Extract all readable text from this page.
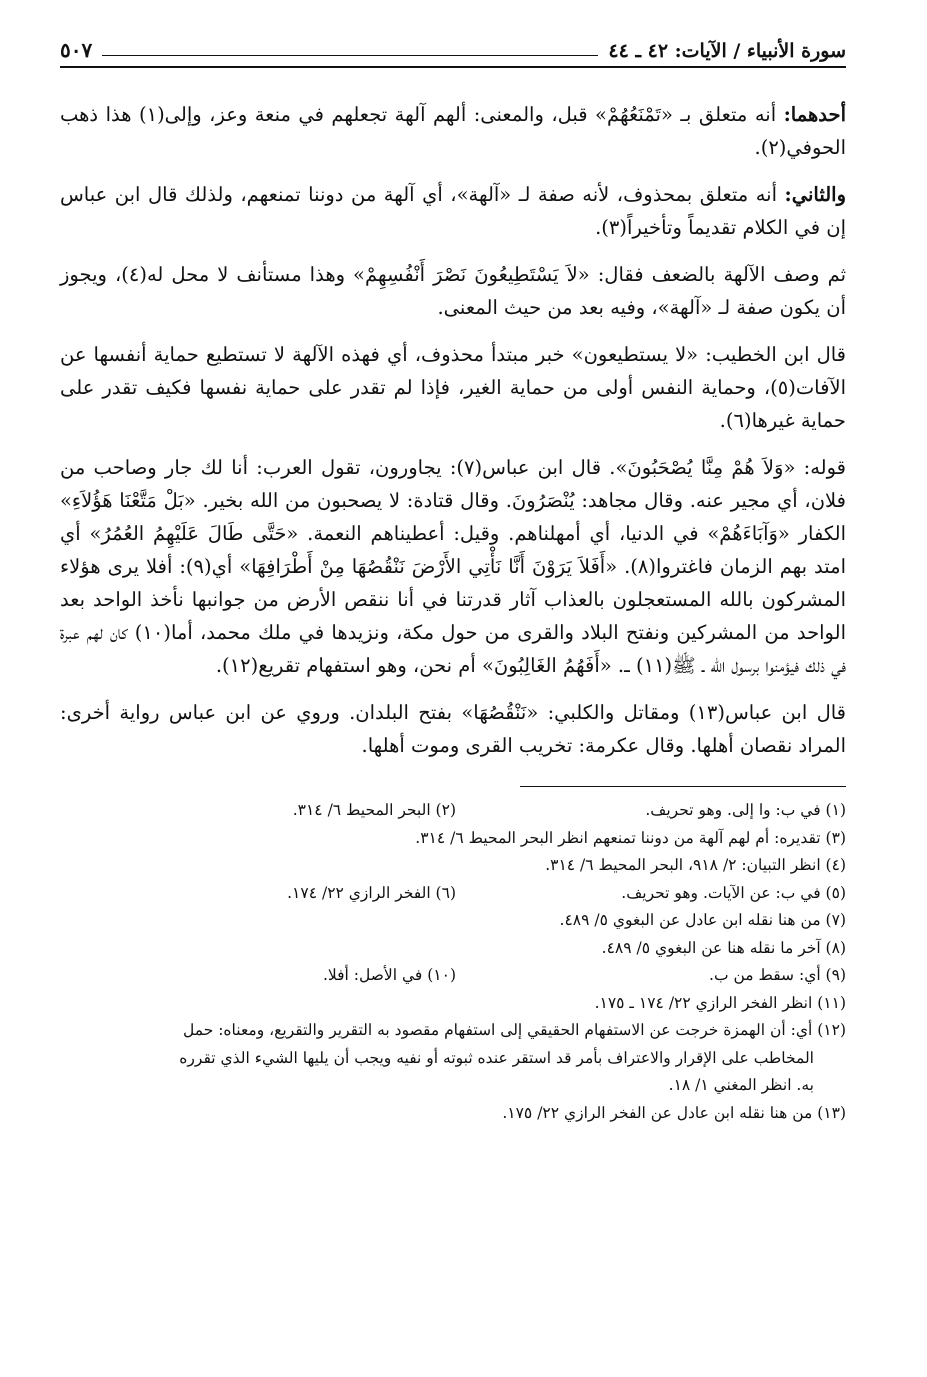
سورة الأنبياء / الآيات: ٤٢ ـ ٤٤
٥٠٧

أحدهما: أنه متعلق بـ «تَمْنَعُهُمْ» قبل، والمعنى: ألهم آلهة تجعلهم في منعة وعز، وإلى(١) هذا ذهب الحوفي(٢).

والثاني: أنه متعلق بمحذوف، لأنه صفة لـ «آلهة»، أي آلهة من دوننا تمنعهم، ولذلك قال ابن عباس إن في الكلام تقديماً وتأخيراً(٣).

ثم وصف الآلهة بالضعف فقال: «لاَ يَسْتَطِيعُونَ نَصْرَ أَنْفُسِهِمْ» وهذا مستأنف لا محل له(٤)، ويجوز أن يكون صفة لـ «آلهة»، وفيه بعد من حيث المعنى.

قال ابن الخطيب: «لا يستطيعون» خبر مبتدأ محذوف، أي فهذه الآلهة لا تستطيع حماية أنفسها عن الآفات(٥)، وحماية النفس أولى من حماية الغير، فإذا لم تقدر على حماية نفسها فكيف تقدر على حماية غيرها(٦).

قوله: «وَلاَ هُمْ مِنَّا يُصْحَبُونَ». قال ابن عباس(٧): يجاورون، تقول العرب: أنا لك جار وصاحب من فلان، أي مجير عنه. وقال مجاهد: يُنْصَرُونَ. وقال قتادة: لا يصحبون من الله بخير. «بَلْ مَتَّعْنَا هَؤُلاَءِ» الكفار «وَآبَاءَهُمْ» في الدنيا، أي أمهلناهم. وقيل: أعطيناهم النعمة. «حَتَّى طَالَ عَلَيْهِمُ العُمُرُ» أي امتد بهم الزمان فاغتروا(٨). «أَفَلاَ يَرَوْنَ أَنَّا نَأْتِي الأَرْضَ نَنْقُصُهَا مِنْ أَطْرَافِهَا» أي(٩): أفلا يرى هؤلاء المشركون بالله المستعجلون بالعذاب آثار قدرتنا في أنا ننقص الأرض من جوانبها نأخذ الواحد بعد الواحد من المشركين ونفتح البلاد والقرى من حول مكة، ونزيدها في ملك محمد، أما(١٠) كان لهم عبرة في ذلك فيؤمنوا برسول الله ـ ﷺ(١١) ـ. «أَفَهُمُ الغَالِبُونَ» أم نحن، وهو استفهام تقريع(١٢).

قال ابن عباس(١٣) ومقاتل والكلبي: «نَنْقُصُهَا» بفتح البلدان. وروي عن ابن عباس رواية أخرى: المراد نقصان أهلها. وقال عكرمة: تخريب القرى وموت أهلها.

(١) في ب: وا إلى. وهو تحريف.
(٢) البحر المحيط ٦/ ٣١٤.
(٣) تقديره: أم لهم آلهة من دوننا تمنعهم انظر البحر المحيط ٦/ ٣١٤.
(٤) انظر التبيان: ٢/ ٩١٨، البحر المحيط ٦/ ٣١٤.
(٥) في ب: عن الآيات. وهو تحريف.
(٦) الفخر الرازي ٢٢/ ١٧٤.
(٧) من هنا نقله ابن عادل عن البغوي ٥/ ٤٨٩.
(٨) آخر ما نقله هنا عن البغوي ٥/ ٤٨٩.
(٩) أي: سقط من ب.
(١٠) في الأصل: أفلا.
(١١) انظر الفخر الرازي ٢٢/ ١٧٤ ـ ١٧٥.
(١٢) أي: أن الهمزة خرجت عن الاستفهام الحقيقي إلى استفهام مقصود به التقرير والتقريع، ومعناه: حمل
المخاطب على الإقرار والاعتراف بأمر قد استقر عنده ثبوته أو نفيه ويجب أن يليها الشيء الذي تقرره
به. انظر المغني ١/ ١٨.
(١٣) من هنا نقله ابن عادل عن الفخر الرازي ٢٢/ ١٧٥.
